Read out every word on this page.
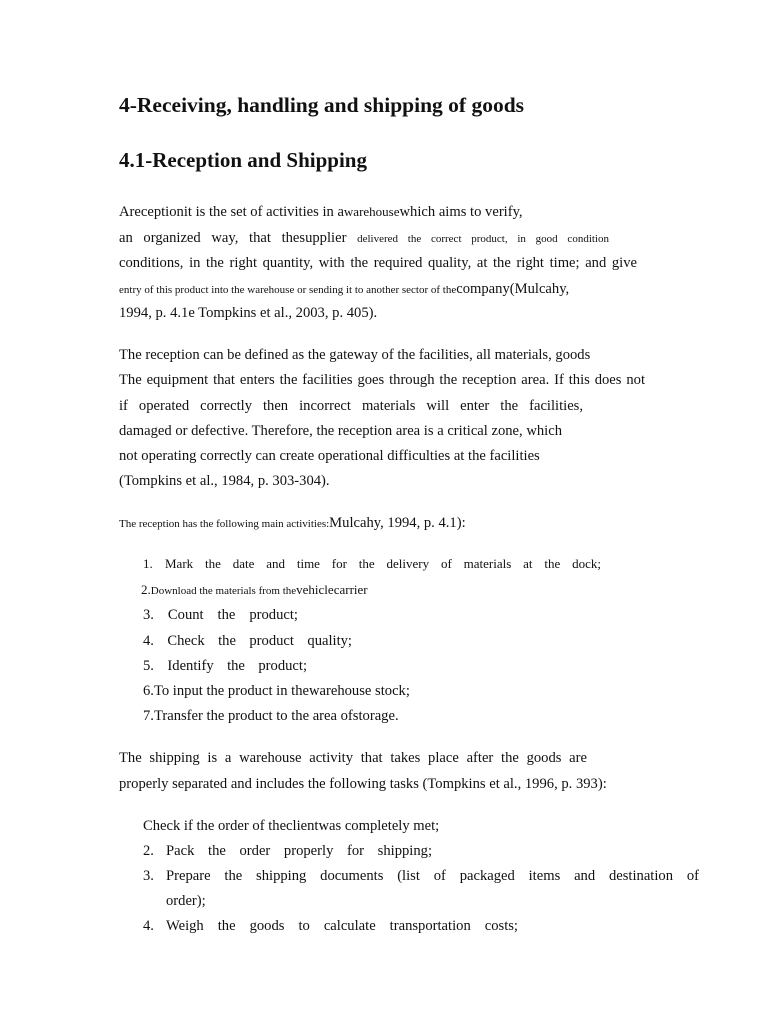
4-Receiving, handling and shipping of goods
4.1-Reception and Shipping
Areceptionit is the set of activities in awarehousewhich aims to verify,
an organized way, that thesupplier delivered the correct product, in good condition
conditions, in the right quantity, with the required quality, at the right time; and give
entry of this product into the warehouse or sending it to another sector of thecompany(Mulcahy,
1994, p. 4.1e Tompkins et al., 2003, p. 405).
The reception can be defined as the gateway of the facilities, all materials, goods
The equipment that enters the facilities goes through the reception area. If this does not
if operated correctly then incorrect materials will enter the facilities,
damaged or defective. Therefore, the reception area is a critical zone, which
not operating correctly can create operational difficulties at the facilities
(Tompkins et al., 1984, p. 303-304).
The reception has the following main activities:Mulcahy, 1994, p. 4.1):
1. Mark the date and time for the delivery of materials at the dock;
2.Download the materials from thevehiclecarrier
3. Count the product;
4. Check the product quality;
5. Identify the product;
6.To input the product in thewarehouse stock;
7.Transfer the product to the area ofstorage.
The shipping is a warehouse activity that takes place after the goods are
properly separated and includes the following tasks (Tompkins et al., 1996, p. 393):
Check if the order of theclientwas completely met;
2. Pack the order properly for shipping;
3. Prepare the shipping documents (list of packaged items and destination of
order);
4. Weigh the goods to calculate transportation costs;
